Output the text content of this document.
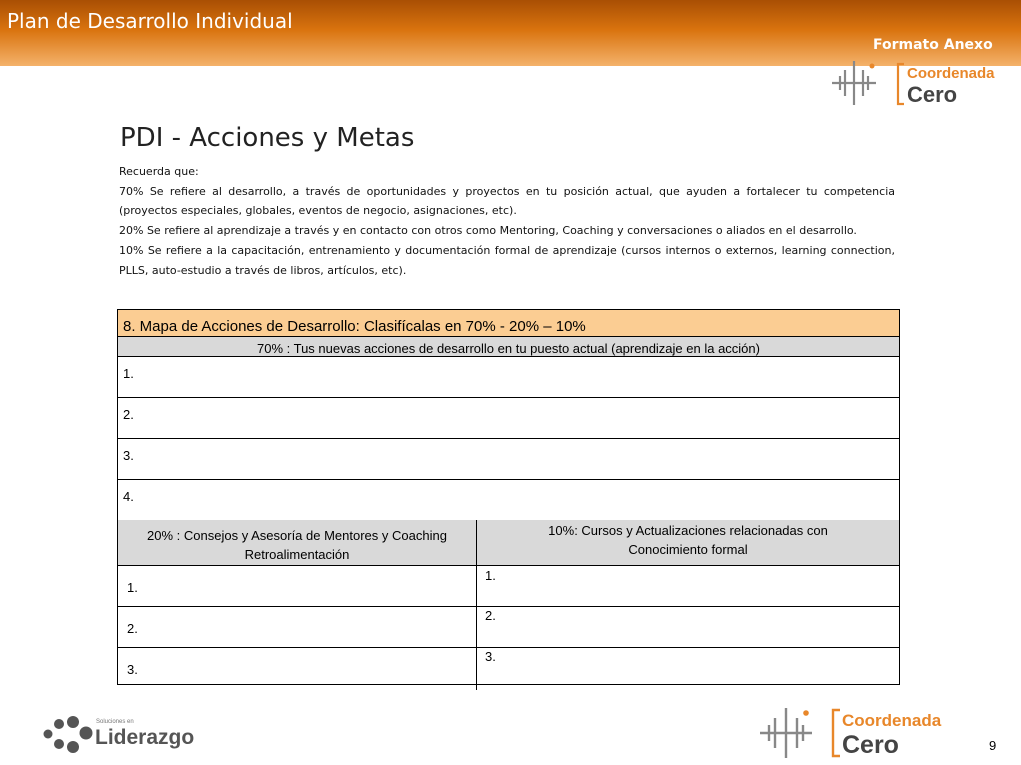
Plan de Desarrollo Individual
Formato Anexo
Coordenada
Cero
PDI - Acciones y Metas

Recuerda que:

70% Se refiere al desarrollo, a través de oportunidades y proyectos en tu posición actual, que ayuden a fortalecer tu competencia (proyectos especiales, globales, eventos de negocio, asignaciones, etc).

20% Se refiere al aprendizaje a través y en contacto con otros como Mentoring, Coaching y conversaciones o aliados en el desarrollo.

10% Se refiere a la capacitación, entrenamiento y documentación formal de aprendizaje (cursos internos o externos, learning connection, PLLS, auto-estudio a través de libros, artículos, etc).

8. Mapa de Acciones de Desarrollo: Clasifícalas en 70% - 20% – 10%
70% : Tus nuevas acciones de desarrollo en tu puesto actual (aprendizaje en la acción)
1.
2.
3.
4.
20% : Consejos y Asesoría de Mentores y Coaching
Retroalimentación
10%: Cursos y Actualizaciones relacionadas con
Conocimiento formal
1.
2.
3.
1.
2.
3.
Soluciones en
Liderazgo
Coordenada
Cero	9
